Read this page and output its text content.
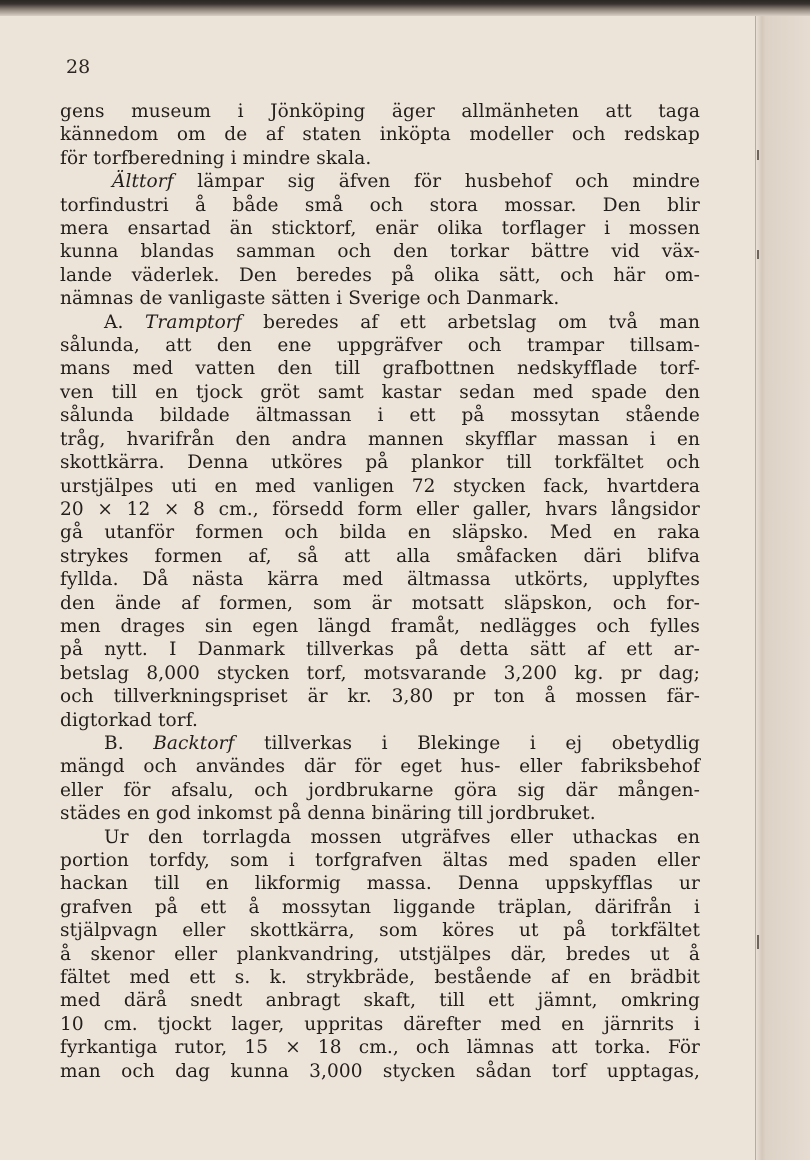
28
gens museum i Jönköping äger allmänheten att taga
kännedom om de af staten inköpta modeller och redskap
för torfberedning i mindre skala.
Älttorf lämpar sig äfven för husbehof och mindre
torfindustri å både små och stora mossar. Den blir
mera ensartad än sticktorf, enär olika torflager i mossen
kunna blandas samman och den torkar bättre vid väx-
lande väderlek. Den beredes på olika sätt, och här om-
nämnas de vanligaste sätten i Sverige och Danmark.
A. Tramptorf beredes af ett arbetslag om två man
sålunda, att den ene uppgräfver och trampar tillsam-
mans med vatten den till grafbottnen nedskyfflade torf-
ven till en tjock gröt samt kastar sedan med spade den
sålunda bildade ältmassan i ett på mossytan stående
tråg, hvarifrån den andra mannen skyfflar massan i en
skottkärra. Denna utköres på plankor till torkfältet och
urstjälpes uti en med vanligen 72 stycken fack, hvartdera
20 × 12 × 8 cm., försedd form eller galler, hvars långsidor
gå utanför formen och bilda en släpsko. Med en raka
strykes formen af, så att alla småfacken däri blifva
fyllda. Då nästa kärra med ältmassa utkörts, upplyftes
den ände af formen, som är motsatt släpskon, och for-
men drages sin egen längd framåt, nedlägges och fylles
på nytt. I Danmark tillverkas på detta sätt af ett ar-
betslag 8,000 stycken torf, motsvarande 3,200 kg. pr dag;
och tillverkningspriset är kr. 3,80 pr ton å mossen fär-
digtorkad torf.
B. Backtorf tillverkas i Blekinge i ej obetydlig
mängd och användes där för eget hus- eller fabriksbehof
eller för afsalu, och jordbrukarne göra sig där mången-
städes en god inkomst på denna binäring till jordbruket.
Ur den torrlagda mossen utgräfves eller uthackas en
portion torfdy, som i torfgrafven ältas med spaden eller
hackan till en likformig massa. Denna uppskyfflas ur
grafven på ett å mossytan liggande träplan, därifrån i
stjälpvagn eller skottkärra, som köres ut på torkfältet
å skenor eller plankvandring, utstjälpes där, bredes ut å
fältet med ett s. k. strykbräde, bestående af en brädbit
med därå snedt anbragt skaft, till ett jämnt, omkring
10 cm. tjockt lager, uppritas därefter med en järnrits i
fyrkantiga rutor, 15 × 18 cm., och lämnas att torka. För
man och dag kunna 3,000 stycken sådan torf upptagas,
